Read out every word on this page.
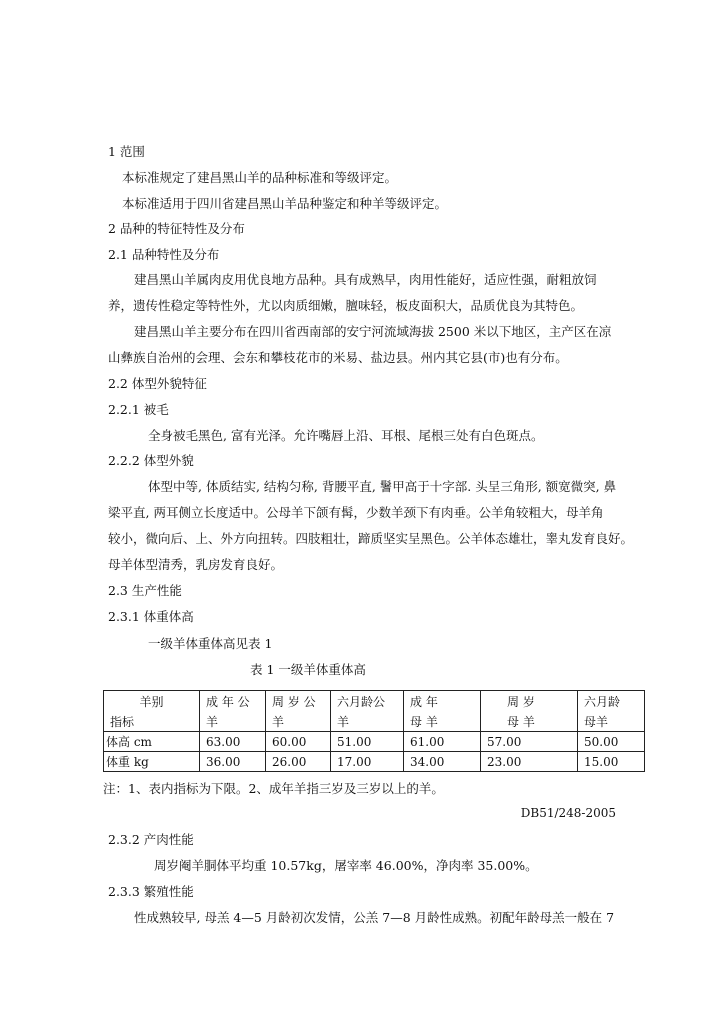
1 范围
本标准规定了建昌黑山羊的品种标准和等级评定。
本标准适用于四川省建昌黑山羊品种鉴定和种羊等级评定。
2 品种的特征特性及分布
2.1 品种特性及分布
建昌黑山羊属肉皮用优良地方品种。具有成熟早，肉用性能好，适应性强，耐粗放饲
养，遗传性稳定等特性外，尤以肉质细嫩，膻味轻，板皮面积大，品质优良为其特色。
建昌黑山羊主要分布在四川省西南部的安宁河流域海拔 2500 米以下地区，主产区在凉
山彝族自治州的会理、会东和攀枝花市的米易、盐边县。州内其它县(市)也有分布。
2.2 体型外貌特征
2.2.1 被毛
全身被毛黑色, 富有光泽。允许嘴唇上沿、耳根、尾根三处有白色斑点。
2.2.2 体型外貌
体型中等, 体质结实, 结构匀称, 背腰平直, 鬐甲高于十字部. 头呈三角形, 额宽微突, 鼻
梁平直, 两耳侧立长度适中。公母羊下颌有髯，少数羊颈下有肉垂。公羊角较粗大，母羊角
较小，微向后、上、外方向扭转。四肢粗壮，蹄质坚实呈黑色。公羊体态雄壮，睾丸发育良好。
母羊体型清秀，乳房发育良好。
2.3 生产性能
2.3.1 体重体高
一级羊体重体高见表 1
表 1 一级羊体重体高
羊别	成 年 公	周 岁 公	六月龄公	成 年	周 岁	六月龄
指标	羊	羊	羊	母 羊	母 羊	母羊
体高 cm	63.00	60.00	51.00	61.00	57.00	50.00
体重 kg	36.00	26.00	17.00	34.00	23.00	15.00
注：1、表内指标为下限。2、成年羊指三岁及三岁以上的羊。
DB51/248-2005
2.3.2 产肉性能
周岁阉羊胴体平均重 10.57kg，屠宰率 46.00%，净肉率 35.00%。
2.3.3 繁殖性能
性成熟较早, 母羔 4—5 月龄初次发情，公羔 7—8 月龄性成熟。初配年龄母羔一般在 7
